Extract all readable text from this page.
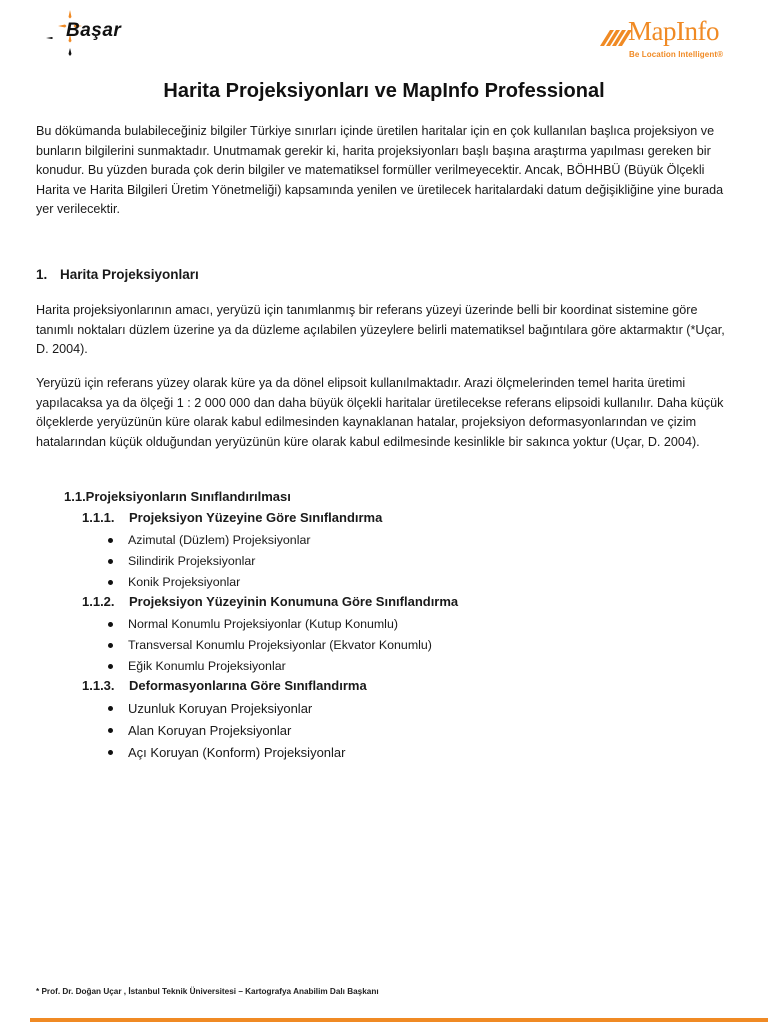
Başar	MapInfo
Be Location Intelligent®
Harita Projeksiyonları ve MapInfo Professional
Bu dökümanda bulabileceğiniz bilgiler Türkiye sınırları içinde üretilen haritalar için en çok kullanılan başlıca projeksiyon ve bunların bilgilerini sunmaktadır. Unutmamak gerekir ki, harita projeksiyonları başlı başına araştırma yapılması gereken bir konudur. Bu yüzden burada çok derin bilgiler ve matematiksel formüller verilmeyecektir. Ancak, BÖHHBÜ (Büyük Ölçekli Harita ve Harita Bilgileri Üretim Yönetmeliği) kapsamında yenilen ve üretilecek haritalardaki datum değişikliğine yine burada yer verilecektir.
1. Harita Projeksiyonları
Harita projeksiyonlarının amacı, yeryüzü için tanımlanmış bir referans yüzeyi üzerinde belli bir koordinat sistemine göre tanımlı noktaları düzlem üzerine ya da düzleme açılabilen yüzeylere belirli matematiksel bağıntılara göre aktarmaktır (*Uçar, D. 2004).
Yeryüzü için referans yüzey olarak küre ya da dönel elipsoit kullanılmaktadır. Arazi ölçmelerinden temel harita üretimi yapılacaksa ya da ölçeği 1 : 2 000 000 dan daha büyük ölçekli haritalar üretilecekse referans elipsoidi kullanılır. Daha küçük ölçeklerde yeryüzünün küre olarak kabul edilmesinden kaynaklanan hatalar, projeksiyon deformasyonlarından ve çizim hatalarından küçük olduğundan yeryüzünün küre olarak kabul edilmesinde kesinlikle bir sakınca yoktur (Uçar, D. 2004).
1.1.Projeksiyonların Sınıflandırılması
1.1.1. Projeksiyon Yüzeyine Göre Sınıflandırma
Azimutal (Düzlem) Projeksiyonlar
Silindirik Projeksiyonlar
Konik Projeksiyonlar
1.1.2. Projeksiyon Yüzeyinin Konumuna Göre Sınıflandırma
Normal Konumlu Projeksiyonlar (Kutup Konumlu)
Transversal Konumlu Projeksiyonlar (Ekvator Konumlu)
Eğik Konumlu Projeksiyonlar
1.1.3. Deformasyonlarına Göre Sınıflandırma
Uzunluk Koruyan Projeksiyonlar
Alan Koruyan Projeksiyonlar
Açı Koruyan (Konform) Projeksiyonlar
* Prof. Dr. Doğan Uçar , İstanbul Teknik Üniversitesi – Kartografya Anabilim Dalı Başkanı
